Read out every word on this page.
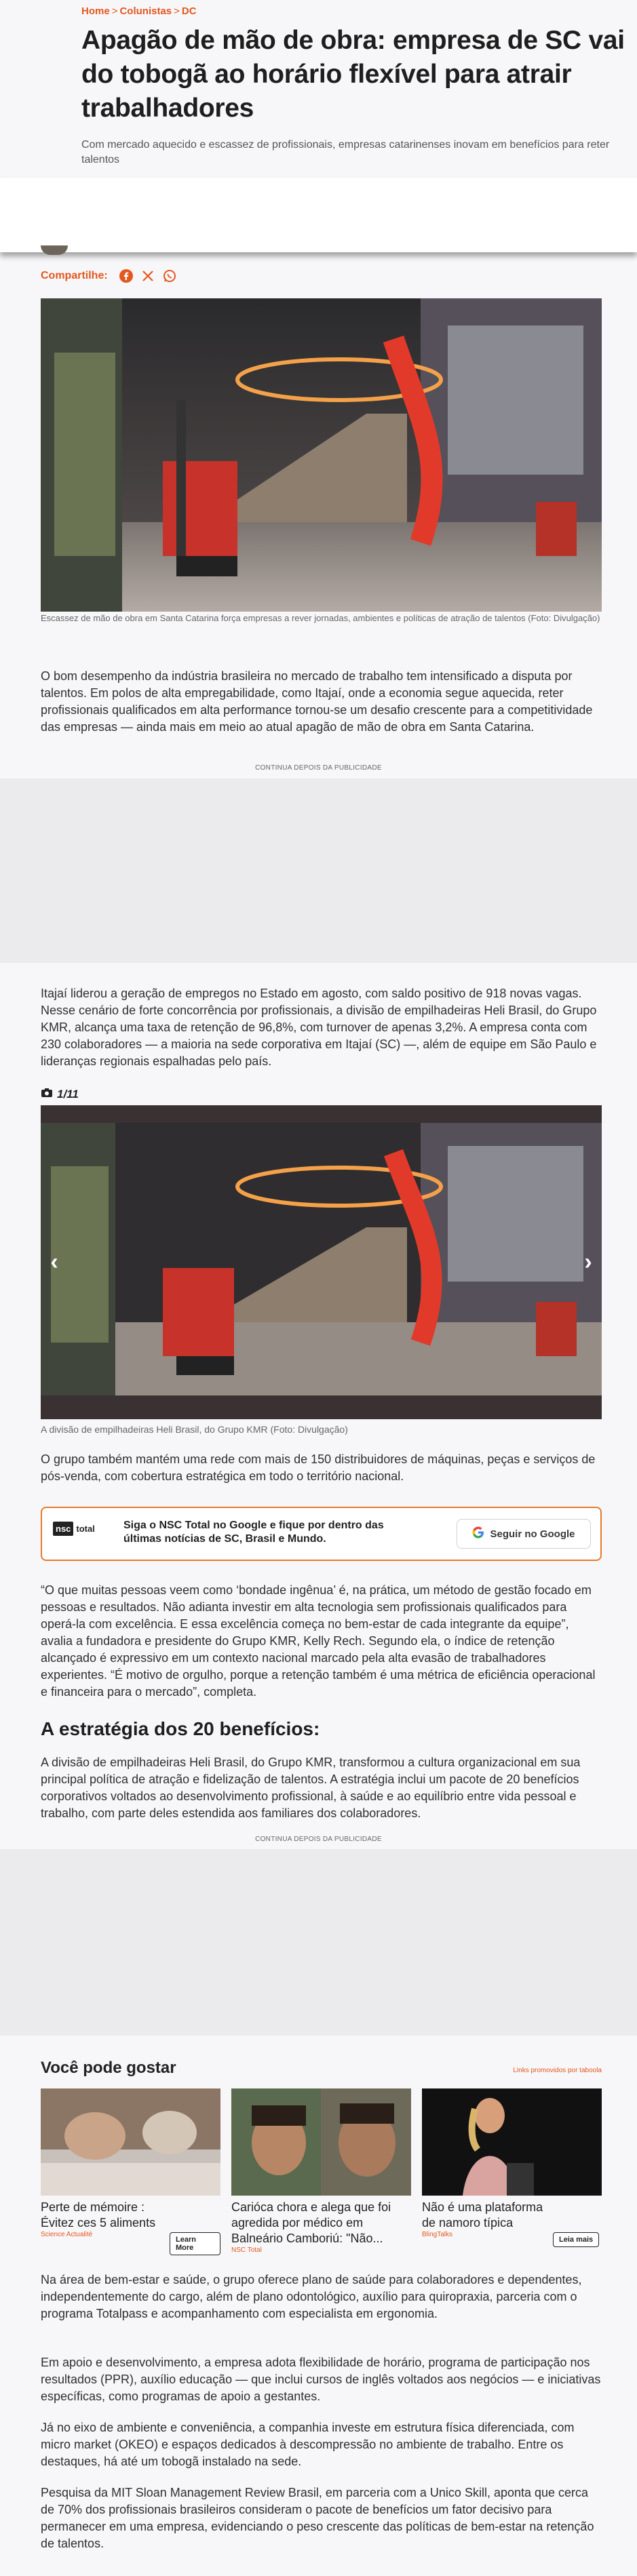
Home > Colunistas > DC
Apagão de mão de obra: empresa de SC vai do tobogã ao horário flexível para atrair trabalhadores

Com mercado aquecido e escassez de profissionais, empresas catarinenses inovam em benefícios para reter talentos

Compartilhe:

Escassez de mão de obra em Santa Catarina força empresas a rever jornadas, ambientes e políticas de atração de talentos (Foto: Divulgação)

O bom desempenho da indústria brasileira no mercado de trabalho tem intensificado a disputa por talentos. Em polos de alta empregabilidade, como Itajaí, onde a economia segue aquecida, reter profissionais qualificados em alta performance tornou-se um desafio crescente para a competitividade das empresas — ainda mais em meio ao atual apagão de mão de obra em Santa Catarina.

CONTINUA DEPOIS DA PUBLICIDADE

Itajaí liderou a geração de empregos no Estado em agosto, com saldo positivo de 918 novas vagas. Nesse cenário de forte concorrência por profissionais, a divisão de empilhadeiras Heli Brasil, do Grupo KMR, alcança uma taxa de retenção de 96,8%, com turnover de apenas 3,2%. A empresa conta com 230 colaboradores — a maioria na sede corporativa em Itajaí (SC) —, além de equipe em São Paulo e lideranças regionais espalhadas pelo país.

1/11
‹	›

A divisão de empilhadeiras Heli Brasil, do Grupo KMR (Foto: Divulgação)

O grupo também mantém uma rede com mais de 150 distribuidores de máquinas, peças e serviços de pós-venda, com cobertura estratégica em todo o território nacional.

nsc total	Siga o NSC Total no Google e fique por dentro das últimas notícias de SC, Brasil e Mundo.	Seguir no Google

“O que muitas pessoas veem como ‘bondade ingênua’ é, na prática, um método de gestão focado em pessoas e resultados. Não adianta investir em alta tecnologia sem profissionais qualificados para operá-la com excelência. E essa excelência começa no bem-estar de cada integrante da equipe”, avalia a fundadora e presidente do Grupo KMR, Kelly Rech. Segundo ela, o índice de retenção alcançado é expressivo em um contexto nacional marcado pela alta evasão de trabalhadores experientes. “É motivo de orgulho, porque a retenção também é uma métrica de eficiência operacional e financeira para o mercado”, completa.

A estratégia dos 20 benefícios:

A divisão de empilhadeiras Heli Brasil, do Grupo KMR, transformou a cultura organizacional em sua principal política de atração e fidelização de talentos. A estratégia inclui um pacote de 20 benefícios corporativos voltados ao desenvolvimento profissional, à saúde e ao equilíbrio entre vida pessoal e trabalho, com parte deles estendida aos familiares dos colaboradores.

CONTINUA DEPOIS DA PUBLICIDADE

Você pode gostar	Links promovidos por taboola

Perte de mémoire : Évitez ces 5 aliments

Science Actualité

Learn More

Carióca chora e alega que foi agredida por médico em Balneário Camboriú: "Não...

NSC Total

Não é uma plataforma de namoro típica

BlingTalks

Leia mais

Na área de bem-estar e saúde, o grupo oferece plano de saúde para colaboradores e dependentes, independentemente do cargo, além de plano odontológico, auxílio para quiropraxia, parceria com o programa Totalpass e acompanhamento com especialista em ergonomia.

Em apoio e desenvolvimento, a empresa adota flexibilidade de horário, programa de participação nos resultados (PPR), auxílio educação — que inclui cursos de inglês voltados aos negócios — e iniciativas específicas, como programas de apoio a gestantes.

Já no eixo de ambiente e conveniência, a companhia investe em estrutura física diferenciada, com micro market (OKEO) e espaços dedicados à descompressão no ambiente de trabalho. Entre os destaques, há até um tobogã instalado na sede.

Pesquisa da MIT Sloan Management Review Brasil, em parceria com a Unico Skill, aponta que cerca de 70% dos profissionais brasileiros consideram o pacote de benefícios um fator decisivo para permanecer em uma empresa, evidenciando o peso crescente das políticas de bem-estar na retenção de talentos.
